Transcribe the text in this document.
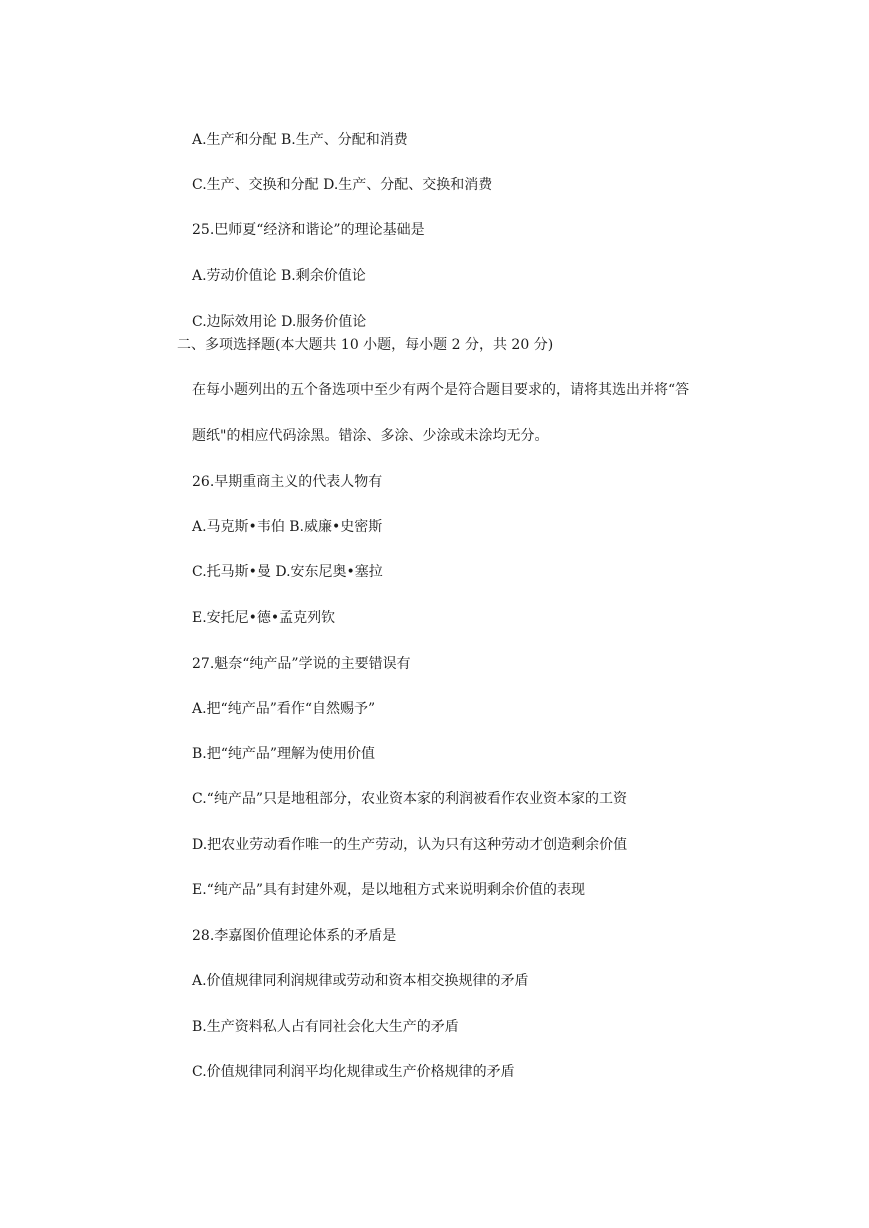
A.生产和分配 B.生产、分配和消费

C.生产、交换和分配 D.生产、分配、交换和消费

25.巴师夏“经济和谐论”的理论基础是

A.劳动价值论 B.剩余价值论

C.边际效用论 D.服务价值论

二、多项选择题(本大题共 10 小题，每小题 2 分，共 20 分)

在每小题列出的五个备选项中至少有两个是符合题目要求的，请将其选出并将“答

题纸"的相应代码涂黑。错涂、多涂、少涂或未涂均无分。

26.早期重商主义的代表人物有

A.马克斯•韦伯 B.威廉•史密斯

C.托马斯•曼 D.安东尼奥•塞拉

E.安托尼•德•孟克列钦

27.魁奈“纯产品”学说的主要错误有

A.把“纯产品”看作“自然赐予”

B.把“纯产品”理解为使用价值

C.“纯产品”只是地租部分，农业资本家的利润被看作农业资本家的工资

D.把农业劳动看作唯一的生产劳动，认为只有这种劳动才创造剩余价值

E.“纯产品”具有封建外观，是以地租方式来说明剩余价值的表现

28.李嘉图价值理论体系的矛盾是

A.价值规律同利润规律或劳动和资本相交换规律的矛盾

B.生产资料私人占有同社会化大生产的矛盾

C.价值规律同利润平均化规律或生产价格规律的矛盾
